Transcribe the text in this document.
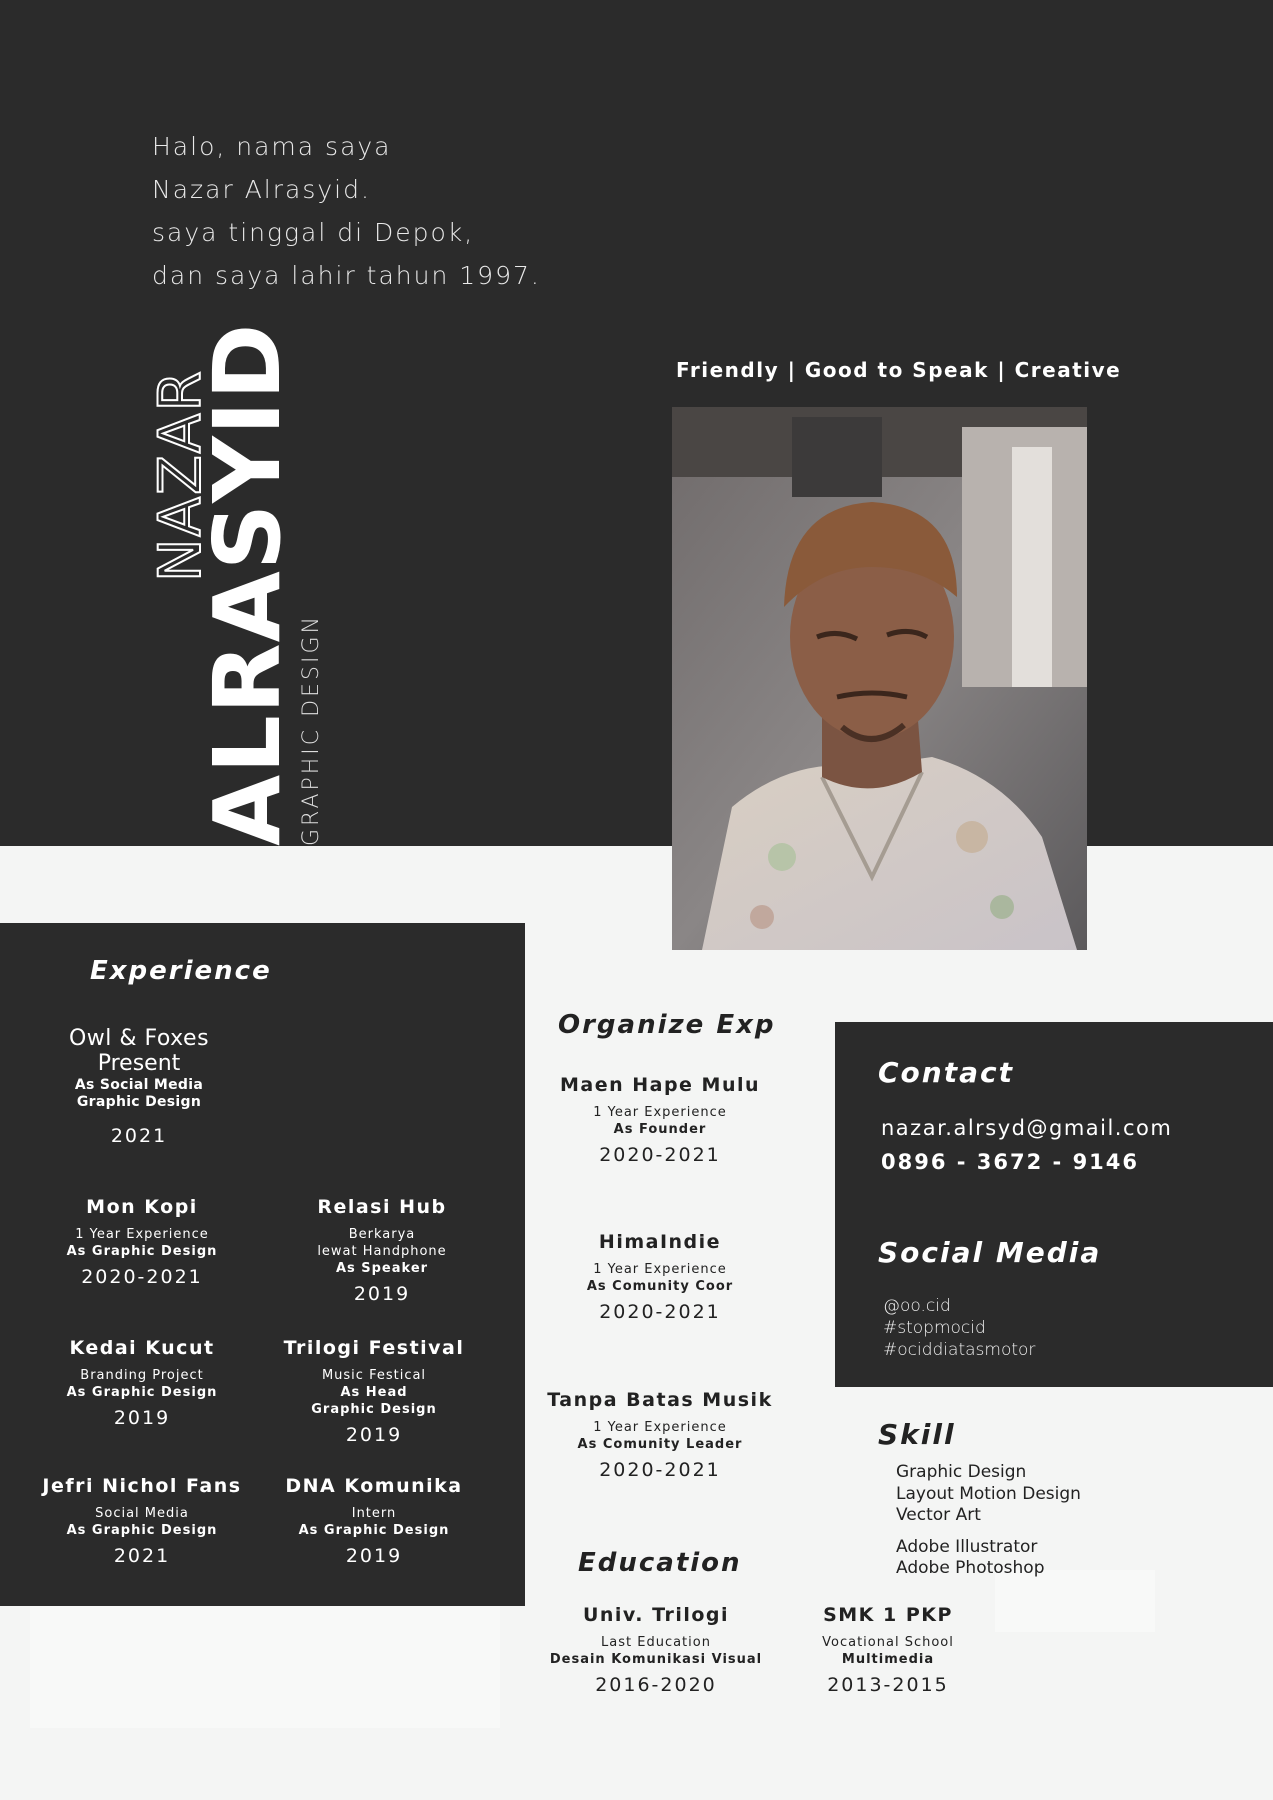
Halo, nama saya
Nazar Alrasyid.
saya tinggal di Depok,
dan saya lahir tahun 1997.
NAZAR
ALRASYID
GRAPHIC DESIGN
Friendly | Good to Speak | Creative
Experience
Owl & Foxes
Present
As Social Media
Graphic Design
2021
Mon Kopi
1 Year Experience
As Graphic Design
2020-2021
Relasi Hub
Berkarya
lewat Handphone
As Speaker
2019
Kedai Kucut
Branding Project
As Graphic Design
2019
Trilogi Festival
Music Festical
As Head
Graphic Design
2019
Jefri Nichol Fans
Social Media
As Graphic Design
2021
DNA Komunika
Intern
As Graphic Design
2019
Organize Exp
Maen Hape Mulu
1 Year Experience
As Founder
2020-2021
HimaIndie
1 Year Experience
As Comunity Coor
2020-2021
Tanpa Batas Musik
1 Year Experience
As Comunity Leader
2020-2021
Education
Univ. Trilogi
Last Education
Desain Komunikasi Visual
2016-2020
SMK 1 PKP
Vocational School
Multimedia
2013-2015
Contact
nazar.alrsyd@gmail.com
0896 - 3672 - 9146
Social Media
@oo.cid
#stopmocid
#ociddiatasmotor
Skill
Graphic Design
Layout Motion Design
Vector Art
Adobe Illustrator
Adobe Photoshop
